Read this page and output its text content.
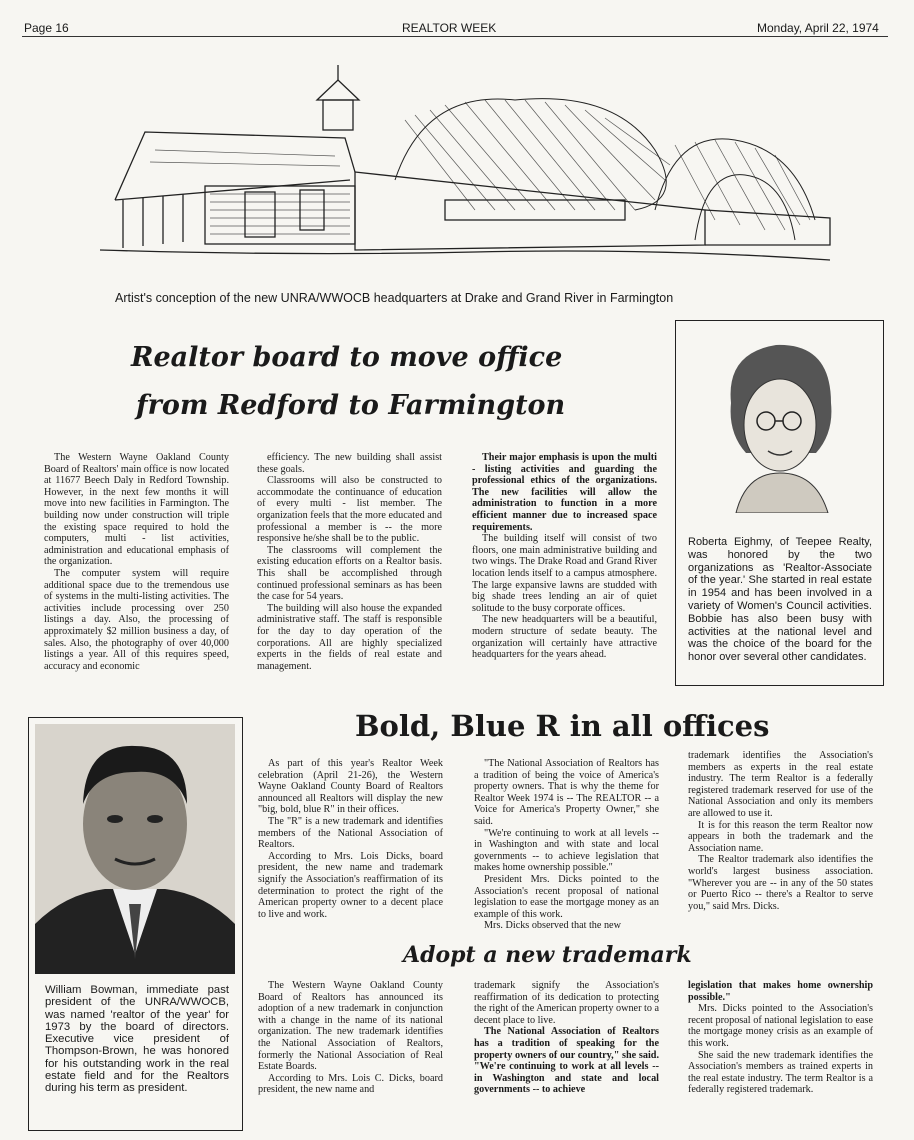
Page 16	REALTOR WEEK	Monday, April 22, 1974
Artist's conception of the new UNRA/WWOCB headquarters at Drake and Grand River in Farmington
Realtor board to move office
from Redford to Farmington

The Western Wayne Oakland County Board of Realtors' main office is now located at 11677 Beech Daly in Redford Township. However, in the next few months it will move into new facilities in Farmington. The building now under construction will triple the existing space required to hold the computers, multi - list activities, administration and educational emphasis of the organization.

The computer system will require additional space due to the tremendous use of systems in the multi-listing activities. The activities include processing over 250 listings a day. Also, the processing of approximately $2 million business a day, of sales. Also, the photography of over 40,000 listings a year. All of this requires speed, accuracy and economic

efficiency. The new building shall assist these goals.

Classrooms will also be constructed to accommodate the continuance of education of every multi - list member. The organization feels that the more educated and professional a member is -- the more responsive he/she shall be to the public.

The classrooms will complement the existing education efforts on a Realtor basis. This shall be accomplished through continued professional seminars as has been the case for 54 years.

The building will also house the expanded administrative staff. The staff is responsible for the day to day operation of the corporations. All are highly specialized experts in the fields of real estate and management.

Their major emphasis is upon the multi - listing activities and guarding the professional ethics of the organizations. The new facilities will allow the administration to function in a more efficient manner due to increased space requirements.

The building itself will consist of two floors, one main administrative building and two wings. The Drake Road and Grand River location lends itself to a campus atmosphere. The large expansive lawns are studded with big shade trees lending an air of quiet solitude to the busy corporate offices.

The new headquarters will be a beautiful, modern structure of sedate beauty. The organization will certainly have attractive headquarters for the years ahead.

Roberta Eighmy, of Teepee Realty, was honored by the two organizations as 'Realtor-Associate of the year.' She started in real estate in 1954 and has been involved in a variety of Women's Council activities. Bobbie has also been busy with activities at the national level and was the choice of the board for the honor over several other candidates.
William Bowman, immediate past president of the UNRA/WWOCB, was named 'realtor of the year' for 1973 by the board of directors. Executive vice president of Thompson-Brown, he was honored for his outstanding work in the real estate field and for the Realtors during his term as president.
Bold, Blue R in all offices

As part of this year's Realtor Week celebration (April 21-26), the Western Wayne Oakland County Board of Realtors announced all Realtors will display the new "big, bold, blue R" in their offices.

The "R" is a new trademark and identifies members of the National Association of Realtors.

According to Mrs. Lois Dicks, board president, the new name and trademark signify the Association's reaffirmation of its determination to protect the right of the American property owner to a decent place to live and work.

"The National Association of Realtors has a tradition of being the voice of America's property owners. That is why the theme for Realtor Week 1974 is -- The REALTOR -- a Voice for America's Property Owner," she said.

"We're continuing to work at all levels -- in Washington and with state and local governments -- to achieve legislation that makes home ownership possible."

President Mrs. Dicks pointed to the Association's recent proposal of national legislation to ease the mortgage money as an example of this work.

Mrs. Dicks observed that the new

trademark identifies the Association's members as experts in the real estate industry. The term Realtor is a federally registered trademark reserved for use of the National Association and only its members are allowed to use it.

It is for this reason the term Realtor now appears in both the trademark and the Association name.

The Realtor trademark also identifies the world's largest business association. "Wherever you are -- in any of the 50 states or Puerto Rico -- there's a Realtor to serve you," said Mrs. Dicks.

Adopt a new trademark

The Western Wayne Oakland County Board of Realtors has announced its adoption of a new trademark in conjunction with a change in the name of its national organization. The new trademark identifies the National Association of Realtors, formerly the National Association of Real Estate Boards.

According to Mrs. Lois C. Dicks, board president, the new name and

trademark signify the Association's reaffirmation of its dedication to protecting the right of the American property owner to a decent place to live.

The National Association of Realtors has a tradition of speaking for the property owners of our country," she said. "We're continuing to work at all levels -- in Washington and state and local governments -- to achieve

legislation that makes home ownership possible."

Mrs. Dicks pointed to the Association's recent proposal of national legislation to ease the mortgage money crisis as an example of this work.

She said the new trademark identifies the Association's members as trained experts in the real estate industry. The term Realtor is a federally registered trademark.
